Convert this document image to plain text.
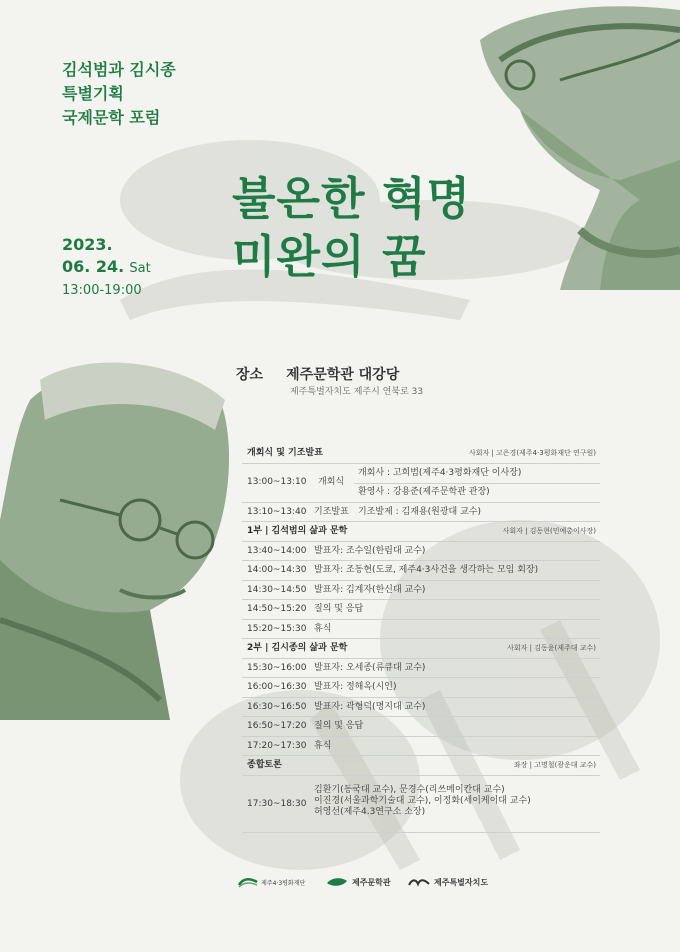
김석범과 김시종
특별기획
국제문학 포럼
2023.
06. 24. Sat
13:00-19:00
불온한 혁명
미완의 꿈
장소 제주문학관 대강당
제주특별자치도 제주시 연북로 33
개회식 및 기조발표	사회자 | 고은경(제주4·3평화재단 연구원)
13:00~13:10 개회식
개회사 : 고희범(제주4·3평화재단 이사장)
환영사 : 강용준(제주문학관 관장)
13:10~13:40 기조발표 기조발제 : 김재용(원광대 교수)
1부 | 김석범의 삶과 문학	사회자 | 김동현(민예총이사장)
13:40~14:00 발표자: 조수일(한림대 교수)
14:00~14:30 발표자: 조동현(도쿄, 제주4·3사건을 생각하는 모임 회장)
14:30~14:50 발표자: 김계자(한신대 교수)
14:50~15:20 질의 및 응답
15:20~15:30 휴식
2부 | 김시종의 삶과 문학	사회자 | 김동윤(제주대 교수)
15:30~16:00 발표자: 오세종(류큐대 교수)
16:00~16:30 발표자: 정해옥(시인)
16:30~16:50 발표자: 곽형덕(명지대 교수)
16:50~17:20 질의 및 응답
17:20~17:30 휴식
종합토론	좌장 | 고명철(광운대 교수)
17:30~18:30
김환기(동국대 교수), 문경수(리쓰메이칸대 교수)
이진경(서울과학기술대 교수), 이정화(세이케이대 교수)
허영선(제주4.3연구소 소장)
제주4·3평화재단	제주문학관	제주특별자치도
